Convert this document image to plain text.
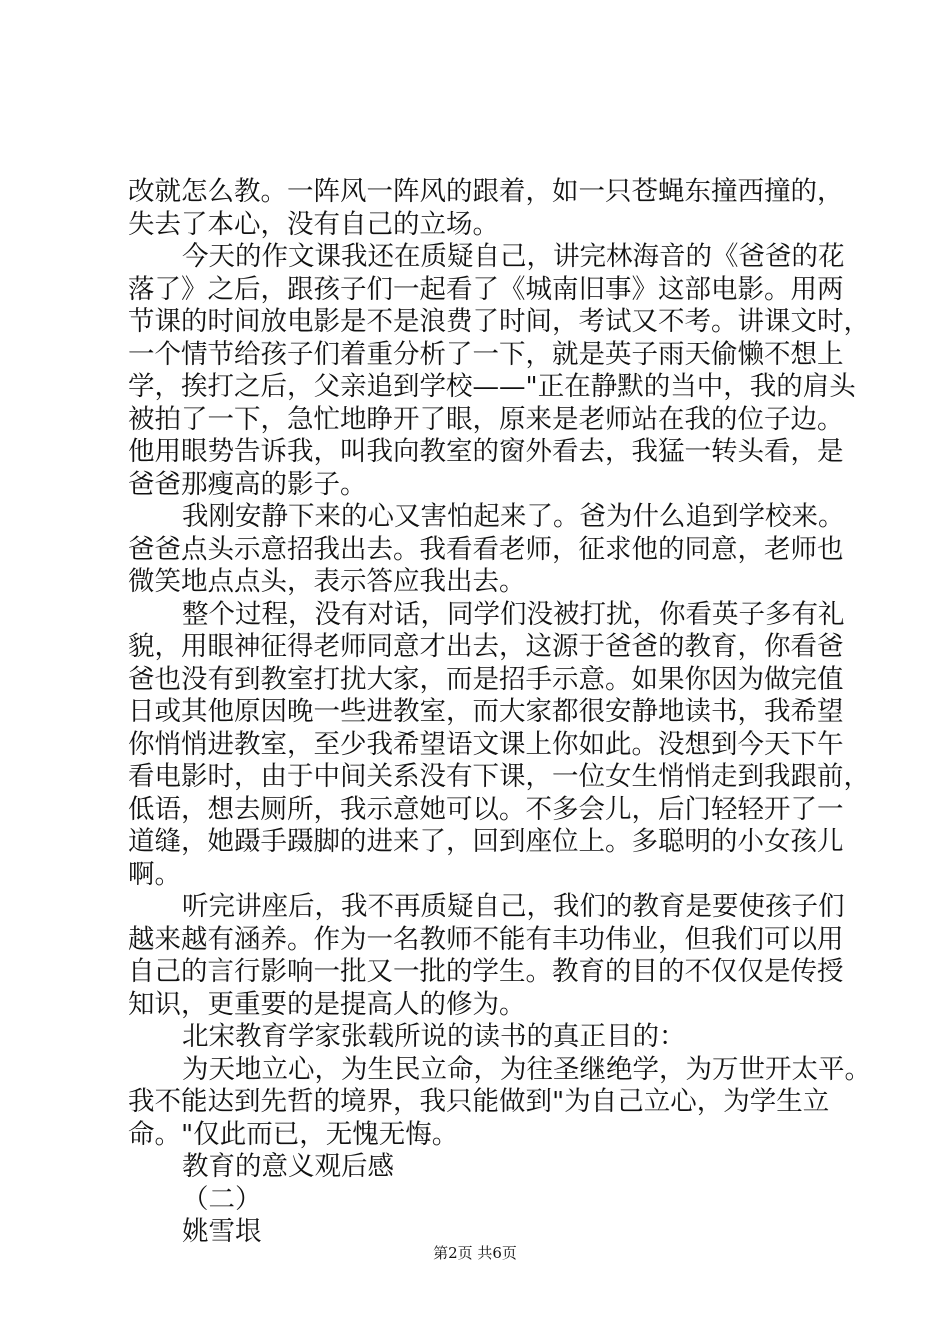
改就怎么教。一阵风一阵风的跟着，如一只苍蝇东撞西撞的，
失去了本心，没有自己的立场。
今天的作文课我还在质疑自己，讲完林海音的《爸爸的花
落了》之后，跟孩子们一起看了《城南旧事》这部电影。用两
节课的时间放电影是不是浪费了时间，考试又不考。讲课文时，
一个情节给孩子们着重分析了一下，就是英子雨天偷懒不想上
学，挨打之后，父亲追到学校——"正在静默的当中，我的肩头
被拍了一下，急忙地睁开了眼，原来是老师站在我的位子边。
他用眼势告诉我，叫我向教室的窗外看去，我猛一转头看，是
爸爸那瘦高的影子。
我刚安静下来的心又害怕起来了。爸为什么追到学校来。
爸爸点头示意招我出去。我看看老师，征求他的同意，老师也
微笑地点点头，表示答应我出去。
整个过程，没有对话，同学们没被打扰，你看英子多有礼
貌，用眼神征得老师同意才出去，这源于爸爸的教育，你看爸
爸也没有到教室打扰大家，而是招手示意。如果你因为做完值
日或其他原因晚一些进教室，而大家都很安静地读书，我希望
你悄悄进教室，至少我希望语文课上你如此。没想到今天下午
看电影时，由于中间关系没有下课，一位女生悄悄走到我跟前，
低语，想去厕所，我示意她可以。不多会儿，后门轻轻开了一
道缝，她蹑手蹑脚的进来了，回到座位上。多聪明的小女孩儿
啊。
听完讲座后，我不再质疑自己，我们的教育是要使孩子们
越来越有涵养。作为一名教师不能有丰功伟业，但我们可以用
自己的言行影响一批又一批的学生。教育的目的不仅仅是传授
知识，更重要的是提高人的修为。
北宋教育学家张载所说的读书的真正目的：
为天地立心，为生民立命，为往圣继绝学，为万世开太平。
我不能达到先哲的境界，我只能做到"为自己立心，为学生立
命。"仅此而已，无愧无悔。
教育的意义观后感
（二）
姚雪垠
第2页 共6页
